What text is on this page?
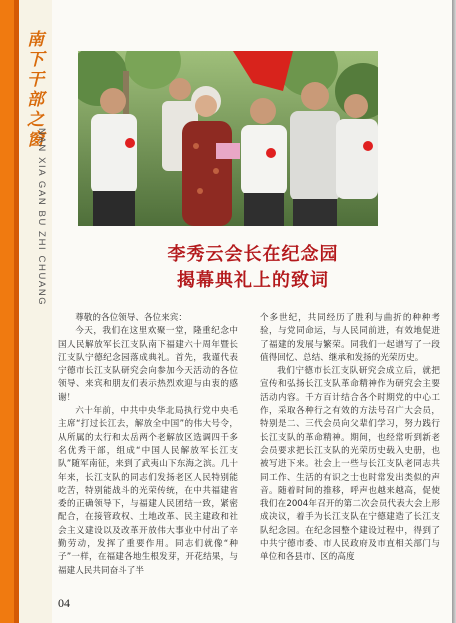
南下干部之窗
NAN XIA GAN BU ZHI CHUANG	李秀云会长在纪念园
揭幕典礼上的致词

尊敬的各位领导、各位来宾：

今天，我们在这里欢聚一堂，隆重纪念中国人民解放军长江支队南下福建六十周年暨长江支队宁德纪念园落成典礼。首先，我谨代表宁德市长江支队研究会向参加今天活动的各位领导、来宾和朋友们表示热烈欢迎与由衷的感谢！

六十年前，中共中央华北局执行党中央毛主席“打过长江去，解放全中国”的伟大号令，从所属的太行和太岳两个老解放区选调四千多名优秀干部，组成“中国人民解放军长江支队”随军南征，来到了武夷山下东海之滨。几十年来，长江支队的同志们发扬老区人民特别能吃苦，特别能战斗的光荣传统，在中共福建省委的正确领导下，与福建人民团结一致，紧密配合，在接管政权、土地改革、民主建政和社会主义建设以及改革开放伟大事业中付出了辛勤劳动，发挥了重要作用。同志们就像“种子”一样，在福建各地生根发芽，开花结果，与福建人民共同奋斗了半

个多世纪，共同经历了胜利与曲折的种种考验，与党同命运，与人民同前进，有效地促进了福建的发展与繁荣。同我们一起谱写了一段值得回忆、总结、继承和发扬的光荣历史。

我们宁德市长江支队研究会成立后，就把宣传和弘扬长江支队革命精神作为研究会主要活动内容。千方百计结合各个时期党的中心工作，采取各种行之有效的方法号召广大会员，特别是二、三代会员向父辈们学习，努力践行长江支队的革命精神。期间，也经常听到新老会员要求把长江支队的光荣历史载入史册，也被写进下来。社会上一些与长江支队老同志共同工作、生活的有识之士也时常发出类似的声音。随着时间的推移，呼声也越来越高，促使我们在2004年召开的第二次会员代表大会上形成决议，着手为长江支队在宁德建造了长江支队纪念园。在纪念园整个建设过程中，得到了中共宁德市委、市人民政府及市直相关部门与单位和各县市、区的高度

04
